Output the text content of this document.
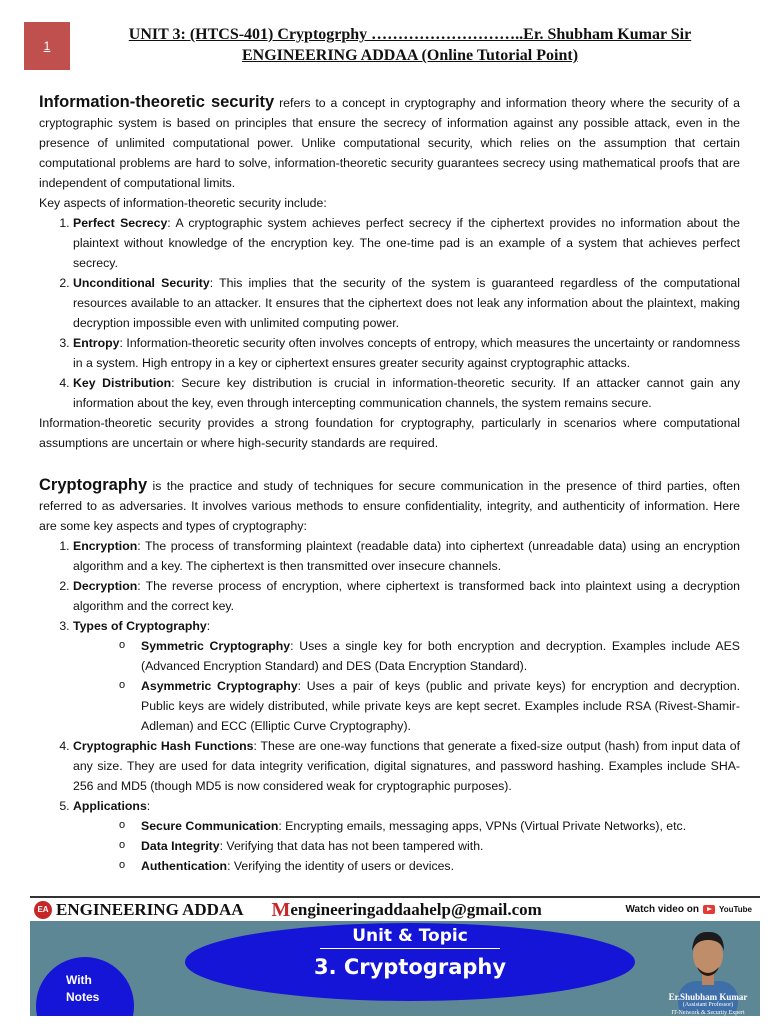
1
UNIT 3: (HTCS-401) Cryptogrphy ………………………..Er. Shubham Kumar Sir
ENGINEERING ADDAA (Online Tutorial Point)

Information-theoretic security refers to a concept in cryptography and information theory where the security of a cryptographic system is based on principles that ensure the secrecy of information against any possible attack, even in the presence of unlimited computational power. Unlike computational security, which relies on the assumption that certain computational problems are hard to solve, information-theoretic security guarantees secrecy using mathematical proofs that are independent of computational limits.

Key aspects of information-theoretic security include:

1. Perfect Secrecy: A cryptographic system achieves perfect secrecy if the ciphertext provides no information about the plaintext without knowledge of the encryption key. The one-time pad is an example of a system that achieves perfect secrecy.
2. Unconditional Security: This implies that the security of the system is guaranteed regardless of the computational resources available to an attacker. It ensures that the ciphertext does not leak any information about the plaintext, making decryption impossible even with unlimited computing power.
3. Entropy: Information-theoretic security often involves concepts of entropy, which measures the uncertainty or randomness in a system. High entropy in a key or ciphertext ensures greater security against cryptographic attacks.
4. Key Distribution: Secure key distribution is crucial in information-theoretic security. If an attacker cannot gain any information about the key, even through intercepting communication channels, the system remains secure.

Information-theoretic security provides a strong foundation for cryptography, particularly in scenarios where computational assumptions are uncertain or where high-security standards are required.

Cryptography is the practice and study of techniques for secure communication in the presence of third parties, often referred to as adversaries. It involves various methods to ensure confidentiality, integrity, and authenticity of information. Here are some key aspects and types of cryptography:

1. Encryption: The process of transforming plaintext (readable data) into ciphertext (unreadable data) using an encryption algorithm and a key. The ciphertext is then transmitted over insecure channels.
2. Decryption: The reverse process of encryption, where ciphertext is transformed back into plaintext using a decryption algorithm and the correct key.
3. Types of Cryptography:
o Symmetric Cryptography: Uses a single key for both encryption and decryption. Examples include AES (Advanced Encryption Standard) and DES (Data Encryption Standard).
o Asymmetric Cryptography: Uses a pair of keys (public and private keys) for encryption and decryption. Public keys are widely distributed, while private keys are kept secret. Examples include RSA (Rivest-Shamir-Adleman) and ECC (Elliptic Curve Cryptography).
4. Cryptographic Hash Functions: These are one-way functions that generate a fixed-size output (hash) from input data of any size. They are used for data integrity verification, digital signatures, and password hashing. Examples include SHA-256 and MD5 (though MD5 is now considered weak for cryptographic purposes).
5. Applications:
o Secure Communication: Encrypting emails, messaging apps, VPNs (Virtual Private Networks), etc.
o Data Integrity: Verifying that data has not been tampered with.
o Authentication: Verifying the identity of users or devices.
EA ENGINEERING ADDAA M engineeringaddaahelp@gmail.com	Watch video on	YouTube
Unit & Topic
3. Cryptography
With
Notes	Er.Shubham Kumar
(Assistant Professor)
IT-Network & Security Expert
